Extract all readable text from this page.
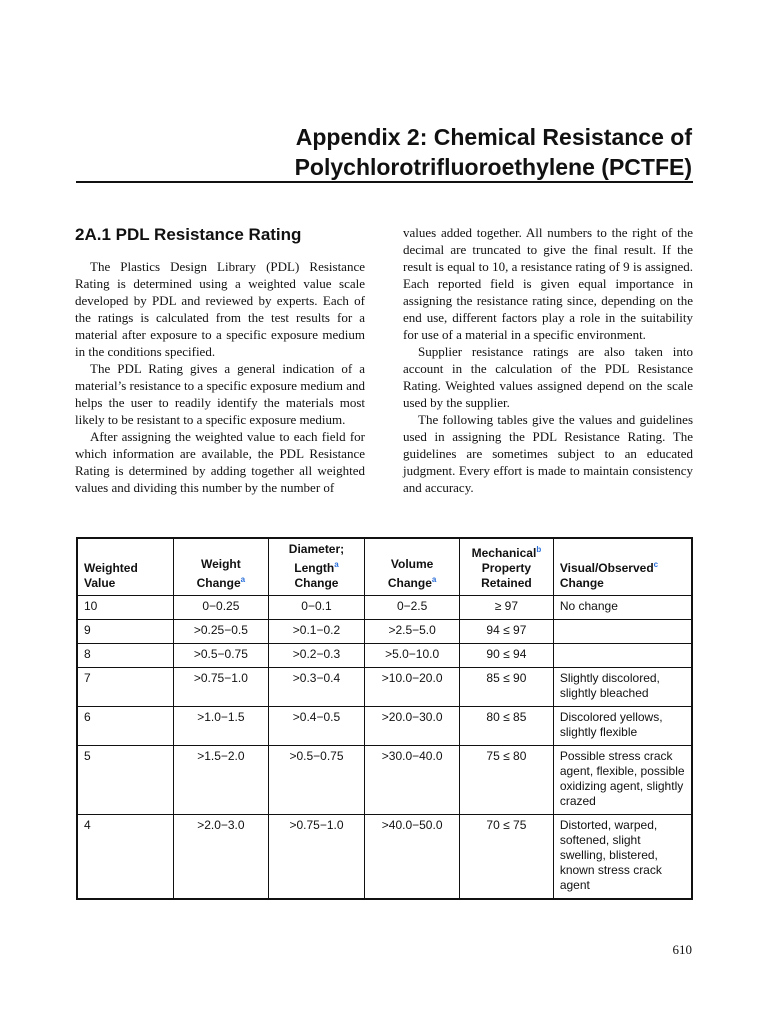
Appendix 2: Chemical Resistance of
Polychlorotrifluoroethylene (PCTFE)
2A.1 PDL Resistance Rating

The Plastics Design Library (PDL) Resistance Rating is determined using a weighted value scale developed by PDL and reviewed by experts. Each of the ratings is calculated from the test results for a material after exposure to a specific exposure medium in the conditions specified.

The PDL Rating gives a general indication of a material’s resistance to a specific exposure medium and helps the user to readily identify the materials most likely to be resistant to a specific exposure medium.

After assigning the weighted value to each field for which information are available, the PDL Resistance Rating is determined by adding together all weighted values and dividing this number by the number of

values added together. All numbers to the right of the decimal are truncated to give the final result. If the result is equal to 10, a resistance rating of 9 is assigned. Each reported field is given equal importance in assigning the resistance rating since, depending on the end use, different factors play a role in the suitability for use of a material in a specific environment.

Supplier resistance ratings are also taken into account in the calculation of the PDL Resistance Rating. Weighted values assigned depend on the scale used by the supplier.

The following tables give the values and guidelines used in assigning the PDL Resistance Rating. The guidelines are sometimes subject to an educated judgment. Every effort is made to maintain consistency and accuracy.

Weighted Value	Weight Change$^a$	Diameter; Length$^a$ Change	Volume Change$^a$	Mechanical$^b$ Property Retained	Visual/Observed$^c$ Change
10	0−0.25	0−0.1	0−2.5	≥ 97	No change
9	>0.25−0.5	>0.1−0.2	>2.5−5.0	94 ≤ 97	
8	>0.5−0.75	>0.2−0.3	>5.0−10.0	90 ≤ 94	
7	>0.75−1.0	>0.3−0.4	>10.0−20.0	85 ≤ 90	Slightly discolored, slightly bleached
6	>1.0−1.5	>0.4−0.5	>20.0−30.0	80 ≤ 85	Discolored yellows, slightly flexible
5	>1.5−2.0	>0.5−0.75	>30.0−40.0	75 ≤ 80	Possible stress crack agent, flexible, possible oxidizing agent, slightly crazed
4	>2.0−3.0	>0.75−1.0	>40.0−50.0	70 ≤ 75	Distorted, warped, softened, slight swelling, blistered, known stress crack agent
610
